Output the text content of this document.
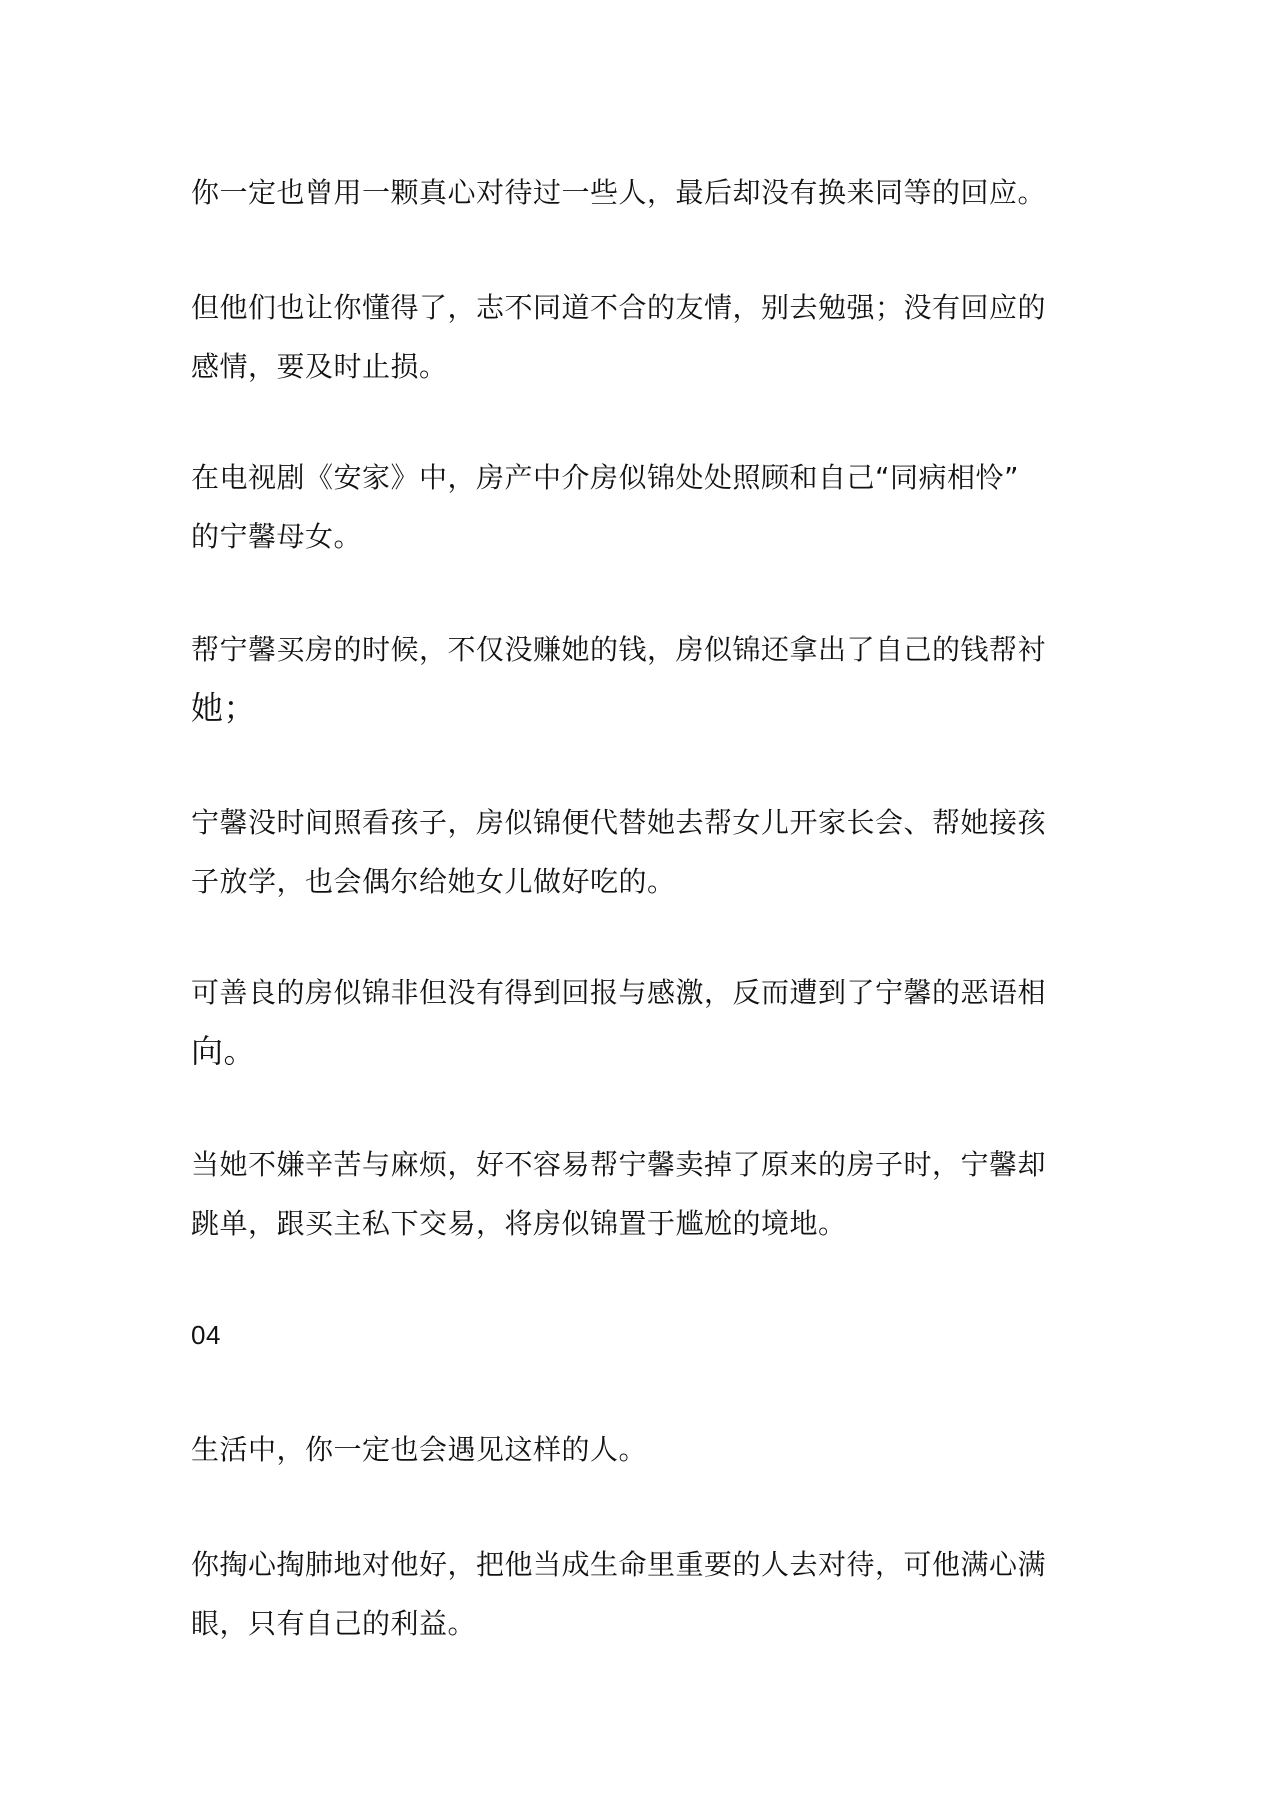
你一定也曾用一颗真心对待过一些人，最后却没有换来同等的回应。

但他们也让你懂得了，志不同道不合的友情，别去勉强；没有回应的
感情，要及时止损。

在电视剧《安家》中，房产中介房似锦处处照顾和自己“同病相怜”
的宁馨母女。

帮宁馨买房的时候，不仅没赚她的钱，房似锦还拿出了自己的钱帮衬
她；

宁馨没时间照看孩子，房似锦便代替她去帮女儿开家长会、帮她接孩
子放学，也会偶尔给她女儿做好吃的。

可善良的房似锦非但没有得到回报与感激，反而遭到了宁馨的恶语相
向。

当她不嫌辛苦与麻烦，好不容易帮宁馨卖掉了原来的房子时，宁馨却
跳单，跟买主私下交易，将房似锦置于尴尬的境地。

04

生活中，你一定也会遇见这样的人。

你掏心掏肺地对他好，把他当成生命里重要的人去对待，可他满心满
眼，只有自己的利益。
